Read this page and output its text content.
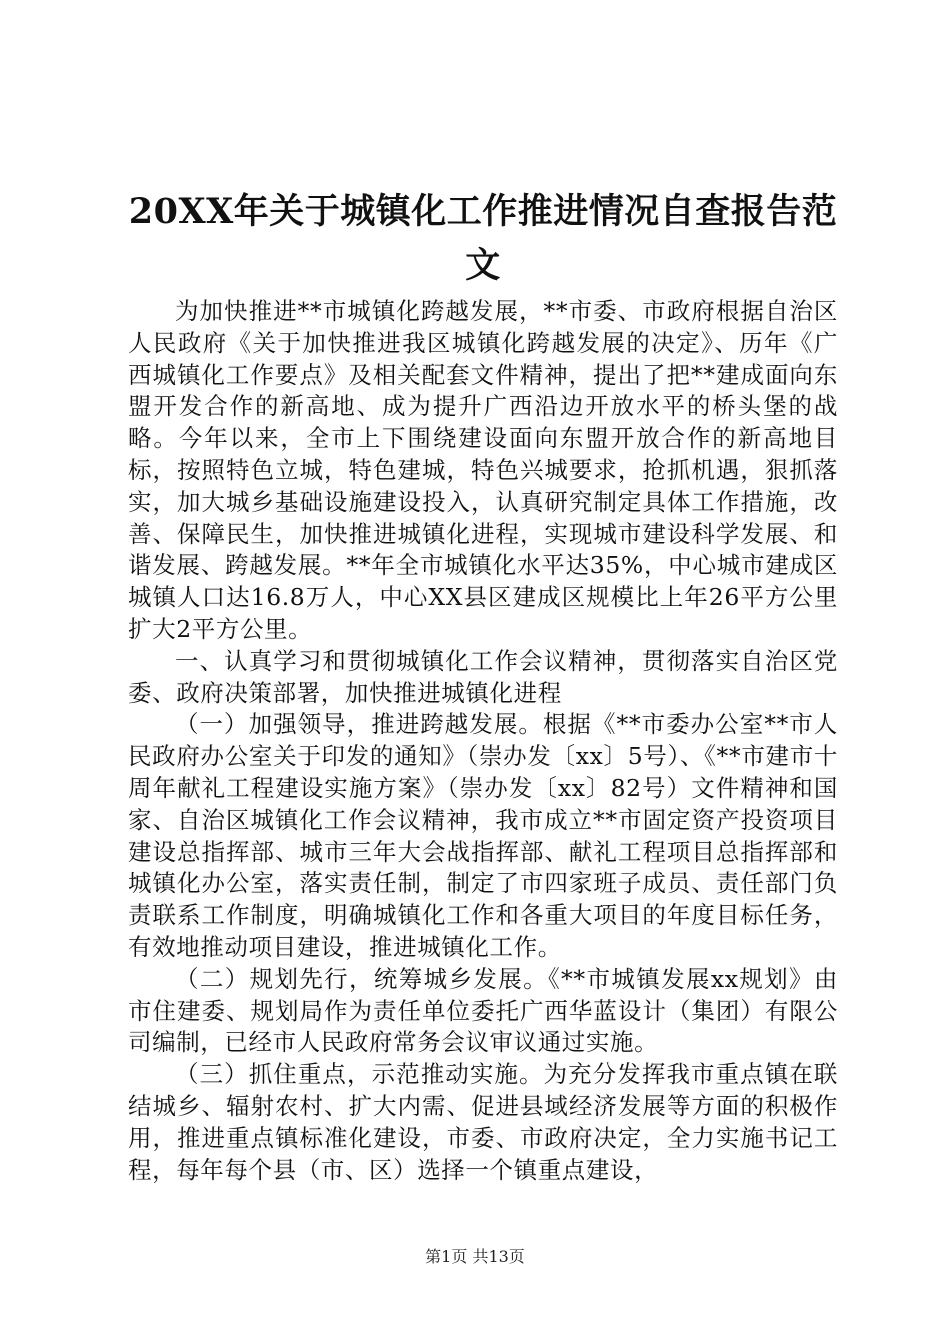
20XX年关于城镇化工作推进情况自查报告范文

为加快推进**市城镇化跨越发展，**市委、市政府根据自治区人民政府《关于加快推进我区城镇化跨越发展的决定》、历年《广西城镇化工作要点》及相关配套文件精神，提出了把**建成面向东盟开发合作的新高地、成为提升广西沿边开放水平的桥头堡的战略。今年以来，全市上下围绕建设面向东盟开放合作的新高地目标，按照特色立城，特色建城，特色兴城要求，抢抓机遇，狠抓落实，加大城乡基础设施建设投入，认真研究制定具体工作措施，改善、保障民生，加快推进城镇化进程，实现城市建设科学发展、和谐发展、跨越发展。**年全市城镇化水平达35%，中心城市建成区城镇人口达16.8万人，中心XX县区建成区规模比上年26平方公里扩大2平方公里。

一、认真学习和贯彻城镇化工作会议精神，贯彻落实自治区党委、政府决策部署，加快推进城镇化进程

（一）加强领导，推进跨越发展。根据《**市委办公室**市人民政府办公室关于印发的通知》（崇办发〔xx〕5号）、《**市建市十周年献礼工程建设实施方案》（崇办发〔xx〕82号）文件精神和国家、自治区城镇化工作会议精神，我市成立**市固定资产投资项目建设总指挥部、城市三年大会战指挥部、献礼工程项目总指挥部和城镇化办公室，落实责任制，制定了市四家班子成员、责任部门负责联系工作制度，明确城镇化工作和各重大项目的年度目标任务，有效地推动项目建设，推进城镇化工作。

（二）规划先行，统筹城乡发展。《**市城镇发展xx规划》由市住建委、规划局作为责任单位委托广西华蓝设计（集团）有限公司编制，已经市人民政府常务会议审议通过实施。

（三）抓住重点，示范推动实施。为充分发挥我市重点镇在联结城乡、辐射农村、扩大内需、促进县域经济发展等方面的积极作用，推进重点镇标准化建设，市委、市政府决定，全力实施书记工程，每年每个县（市、区）选择一个镇重点建设，

第1页 共13页
